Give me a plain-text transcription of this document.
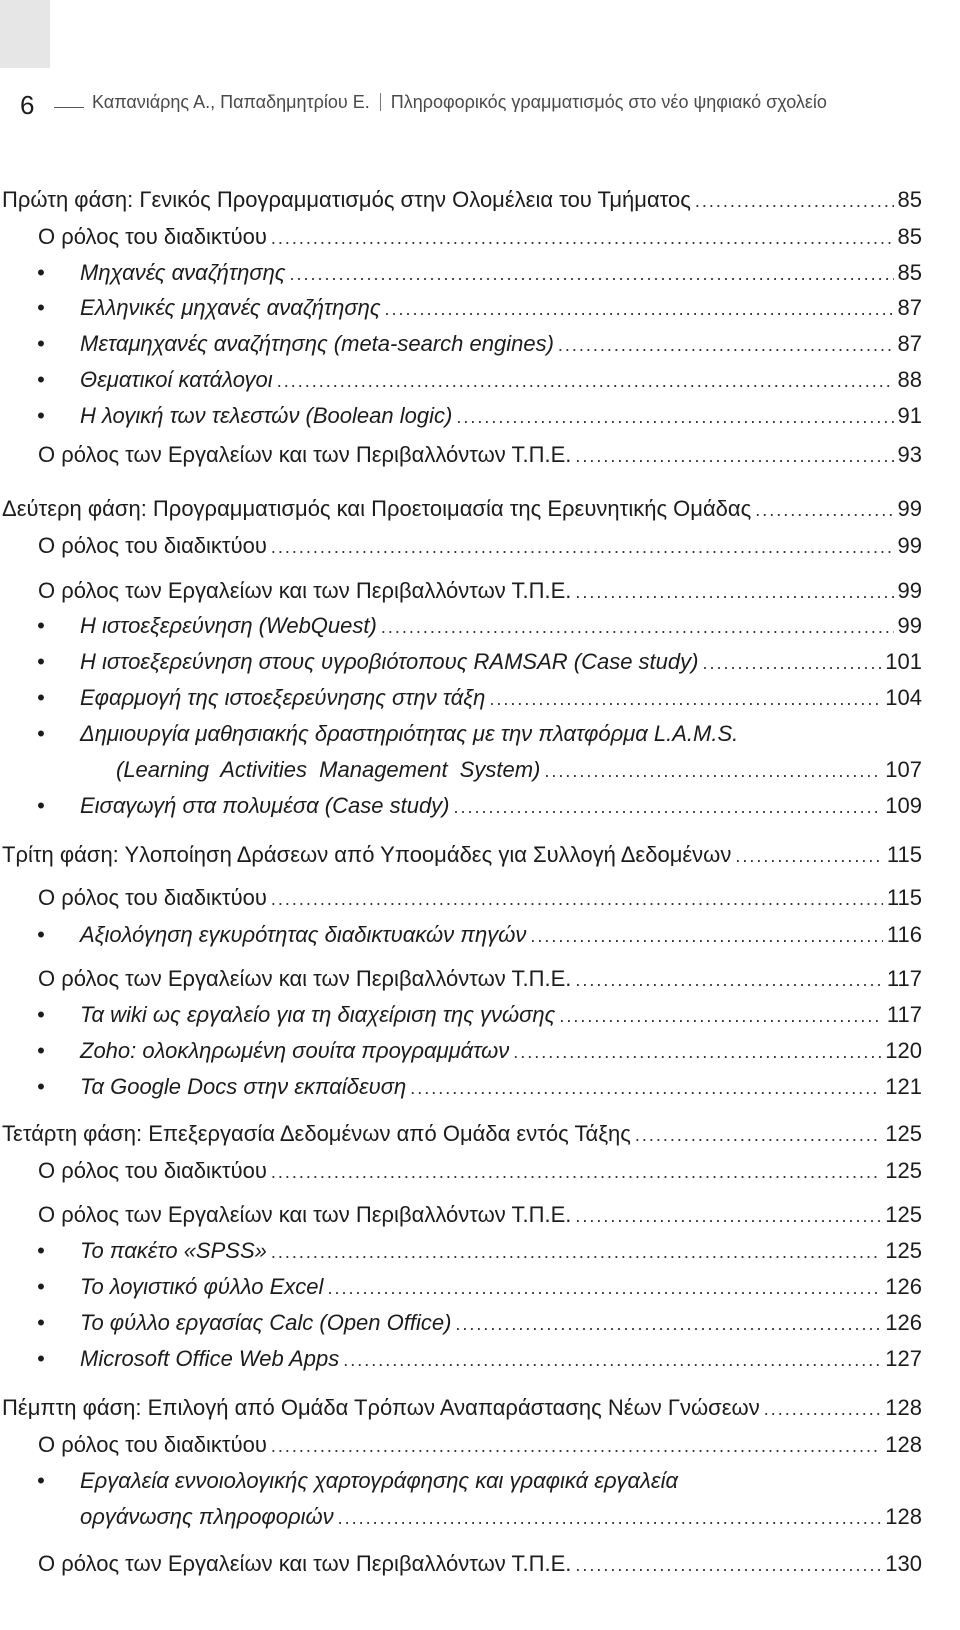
6	Καπανιάρης Α., Παπαδημητρίου Ε. Πληροφορικός γραμματισμός στο νέο ψηφιακό σχολείο
Πρώτη φάση: Γενικός Προγραμματισμός στην Ολομέλεια του Τμήματος .....	85
Ο ρόλος του διαδικτύου .....	85
•	Μηχανές αναζήτησης .....	85
•	Ελληνικές μηχανές αναζήτησης .....	87
•	Μεταμηχανές αναζήτησης (meta-search engines) .....	87
•	Θεματικοί κατάλογοι .....	88
•	Η λογική των τελεστών (Boolean logic) .....	91
Ο ρόλος των Εργαλείων και των Περιβαλλόντων Τ.Π.Ε. .....	93
Δεύτερη φάση: Προγραμματισμός και Προετοιμασία της Ερευνητικής Ομάδας .....	99
Ο ρόλος του διαδικτύου .....	99
Ο ρόλος των Εργαλείων και των Περιβαλλόντων Τ.Π.Ε. .....	99
•	Η ιστοεξερεύνηση (WebQuest) .....	99
•	Η ιστοεξερεύνηση στους υγροβιότοπους RAMSAR (Case study) .....	101
•	Εφαρμογή της ιστοεξερεύνησης στην τάξη .....	104
•	Δημιουργία μαθησιακής δραστηριότητας με την πλατφόρμα L.A.M.S.
(Learning Activities Management System) .....	107
•	Εισαγωγή στα πολυμέσα (Case study) .....	109
Τρίτη φάση: Υλοποίηση Δράσεων από Υποομάδες για Συλλογή Δεδομένων .....	115
Ο ρόλος του διαδικτύου .....	115
•	Αξιολόγηση εγκυρότητας διαδικτυακών πηγών .....	116
Ο ρόλος των Εργαλείων και των Περιβαλλόντων Τ.Π.Ε. .....	117
•	Τα wiki ως εργαλείο για τη διαχείριση της γνώσης .....	117
•	Zoho: ολοκληρωμένη σουίτα προγραμμάτων .....	120
•	Τα Google Docs στην εκπαίδευση .....	121
Τετάρτη φάση: Επεξεργασία Δεδομένων από Ομάδα εντός Τάξης .....	125
Ο ρόλος του διαδικτύου .....	125
Ο ρόλος των Εργαλείων και των Περιβαλλόντων Τ.Π.Ε. .....	125
•	Το πακέτο «SPSS» .....	125
•	Το λογιστικό φύλλο Excel .....	126
•	Το φύλλο εργασίας Calc (Open Office) .....	126
•	Microsoft Office Web Apps .....	127
Πέμπτη φάση: Επιλογή από Ομάδα Τρόπων Αναπαράστασης Νέων Γνώσεων .....	128
Ο ρόλος του διαδικτύου .....	128
•	Εργαλεία εννοιολογικής χαρτογράφησης και γραφικά εργαλεία
οργάνωσης πληροφοριών .....	128
Ο ρόλος των Εργαλείων και των Περιβαλλόντων Τ.Π.Ε. .....	130
